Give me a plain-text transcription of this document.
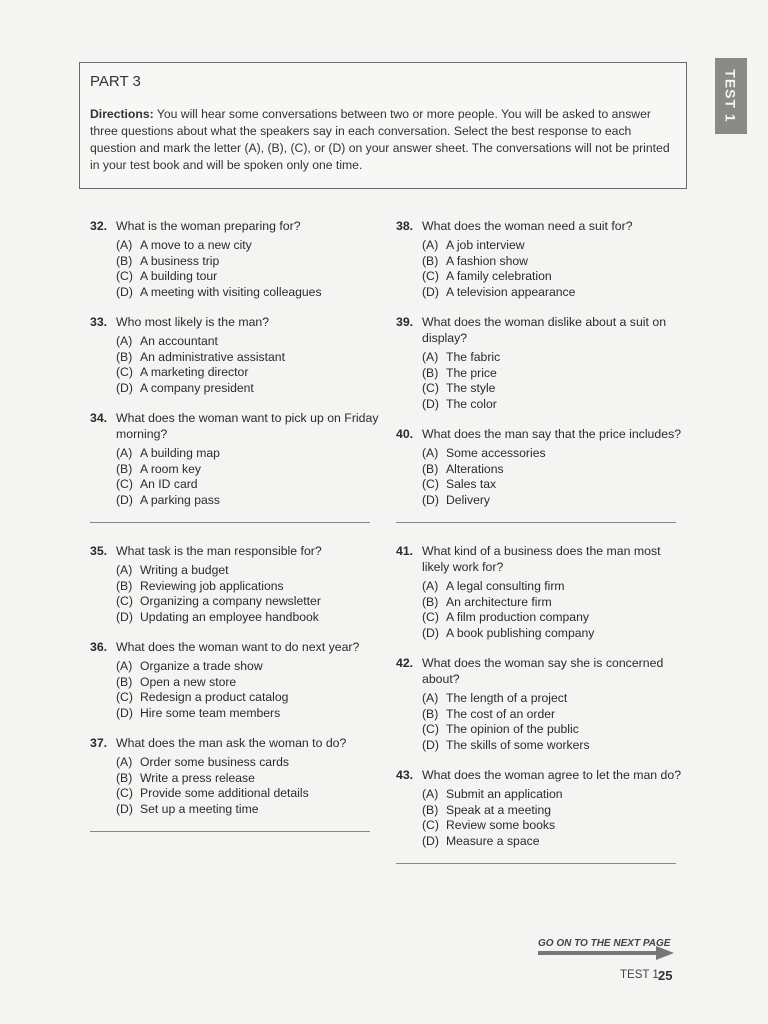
TEST 1
PART 3

Directions: You will hear some conversations between two or more people. You will be asked to answer three questions about what the speakers say in each conversation. Select the best response to each question and mark the letter (A), (B), (C), or (D) on your answer sheet. The conversations will not be printed in your test book and will be spoken only one time.

32. What is the woman preparing for?
(A) A move to a new city
(B) A business trip
(C) A building tour
(D) A meeting with visiting colleagues
33. Who most likely is the man?
(A) An accountant
(B) An administrative assistant
(C) A marketing director
(D) A company president
34. What does the woman want to pick up on Friday morning?
(A) A building map
(B) A room key
(C) An ID card
(D) A parking pass
35. What task is the man responsible for?
(A) Writing a budget
(B) Reviewing job applications
(C) Organizing a company newsletter
(D) Updating an employee handbook
36. What does the woman want to do next year?
(A) Organize a trade show
(B) Open a new store
(C) Redesign a product catalog
(D) Hire some team members
37. What does the man ask the woman to do?
(A) Order some business cards
(B) Write a press release
(C) Provide some additional details
(D) Set up a meeting time
38. What does the woman need a suit for?
(A) A job interview
(B) A fashion show
(C) A family celebration
(D) A television appearance
39. What does the woman dislike about a suit on display?
(A) The fabric
(B) The price
(C) The style
(D) The color
40. What does the man say that the price includes?
(A) Some accessories
(B) Alterations
(C) Sales tax
(D) Delivery
41. What kind of a business does the man most likely work for?
(A) A legal consulting firm
(B) An architecture firm
(C) A film production company
(D) A book publishing company
42. What does the woman say she is concerned about?
(A) The length of a project
(B) The cost of an order
(C) The opinion of the public
(D) The skills of some workers
43. What does the woman agree to let the man do?
(A) Submit an application
(B) Speak at a meeting
(C) Review some books
(D) Measure a space
GO ON TO THE NEXT PAGE
TEST 1 25
